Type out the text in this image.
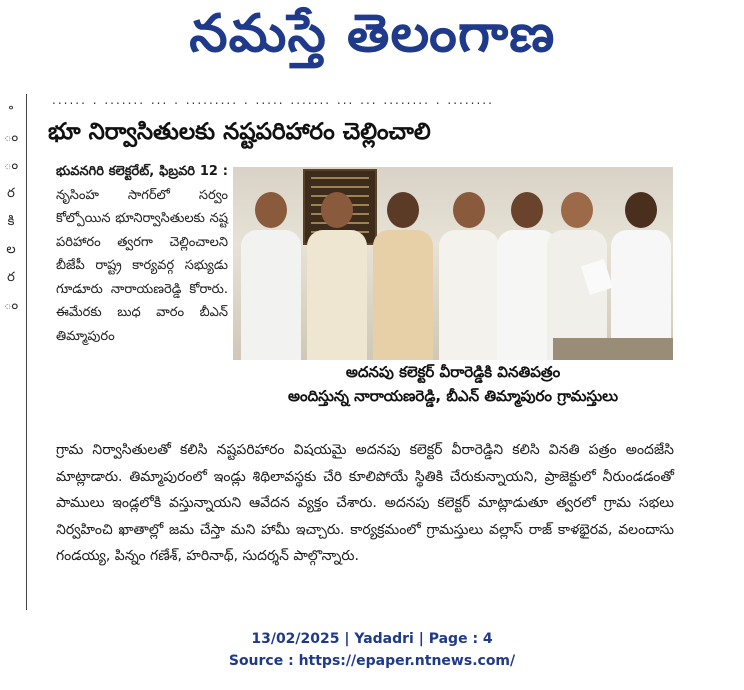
నమస్తే తెలంగాణ
॰
ం
ం
ర
కి
ల
ర
ం
...... . ....... ... . ......... . ..... ....... ... ... ........ . ........
భూ నిర్వాసితులకు నష్టపరిహారం చెల్లించాలి
భువనగిరి కలెక్టరేట్, ఫిబ్రవరి 12 : నృసింహ సాగర్‌లో సర్వం కోల్పోయిన భూనిర్వాసితులకు నష్ట పరిహారం త్వరగా చెల్లించాలని బీజేపీ రాష్ట్ర కార్యవర్గ సభ్యుడు గూడూరు నారాయణరెడ్డి కోరారు. ఈమేరకు బుధ వారం బీఎన్ తిమ్మాపురం
అదనపు కలెక్టర్ వీరారెడ్డికి వినతిపత్రం
అందిస్తున్న నారాయణరెడ్డి, బీఎన్ తిమ్మాపురం గ్రామస్తులు
గ్రామ నిర్వాసితులతో కలిసి నష్టపరిహారం విషయమై అదనపు కలెక్టర్ వీరారెడ్డిని కలిసి వినతి పత్రం అందజేసి మాట్లాడారు. తిమ్మాపురంలో ఇండ్లు శిథిలావస్థకు చేరి కూలిపోయే స్థితికి చేరుకున్నాయని, ప్రాజెక్టులో నీరుండడంతో పాములు ఇండ్లలోకి వస్తున్నాయని ఆవేదన వ్యక్తం చేశారు. అదనపు కలెక్టర్ మాట్లాడుతూ త్వరలో గ్రామ సభలు నిర్వహించి ఖాతాల్లో జమ చేస్తా మని హామీ ఇచ్చారు. కార్యక్రమంలో గ్రామస్తులు వల్లాస్ రాజ్ కాళభైరవ, వలందాసు గండయ్య, పిన్నం గణేశ్, హరినాథ్, సుదర్శన్ పాల్గొన్నారు.
13/02/2025 | Yadadri | Page : 4
Source : https://epaper.ntnews.com/
